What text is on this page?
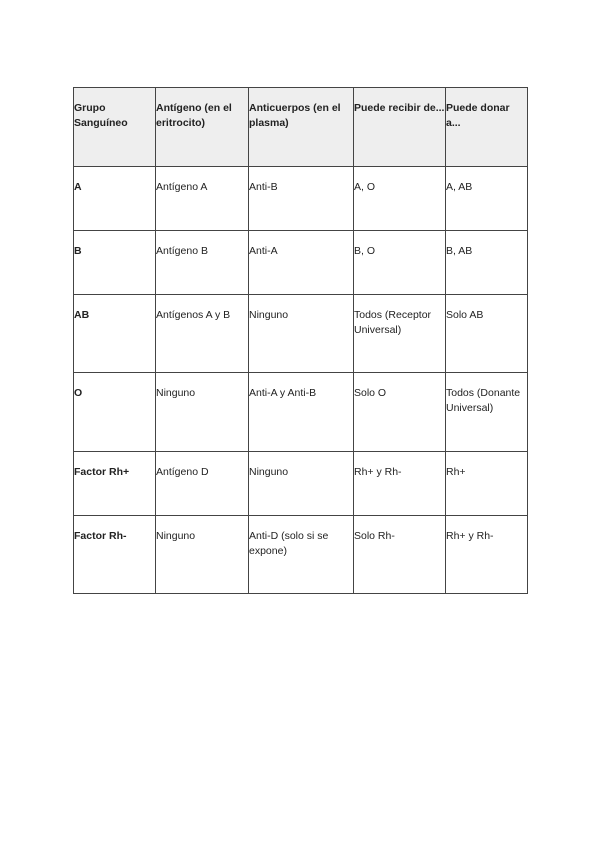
Grupo Sanguíneo	Antígeno (en el eritrocito)	Anticuerpos (en el plasma)	Puede recibir de...	Puede donar a...
A	Antígeno A	Anti-B	A, O	A, AB
B	Antígeno B	Anti-A	B, O	B, AB
AB	Antígenos A y B	Ninguno	Todos (Receptor Universal)	Solo AB
O	Ninguno	Anti-A y Anti-B	Solo O	Todos (Donante Universal)
Factor Rh+	Antígeno D	Ninguno	Rh+ y Rh-	Rh+
Factor Rh-	Ninguno	Anti-D (solo si se expone)	Solo Rh-	Rh+ y Rh-
